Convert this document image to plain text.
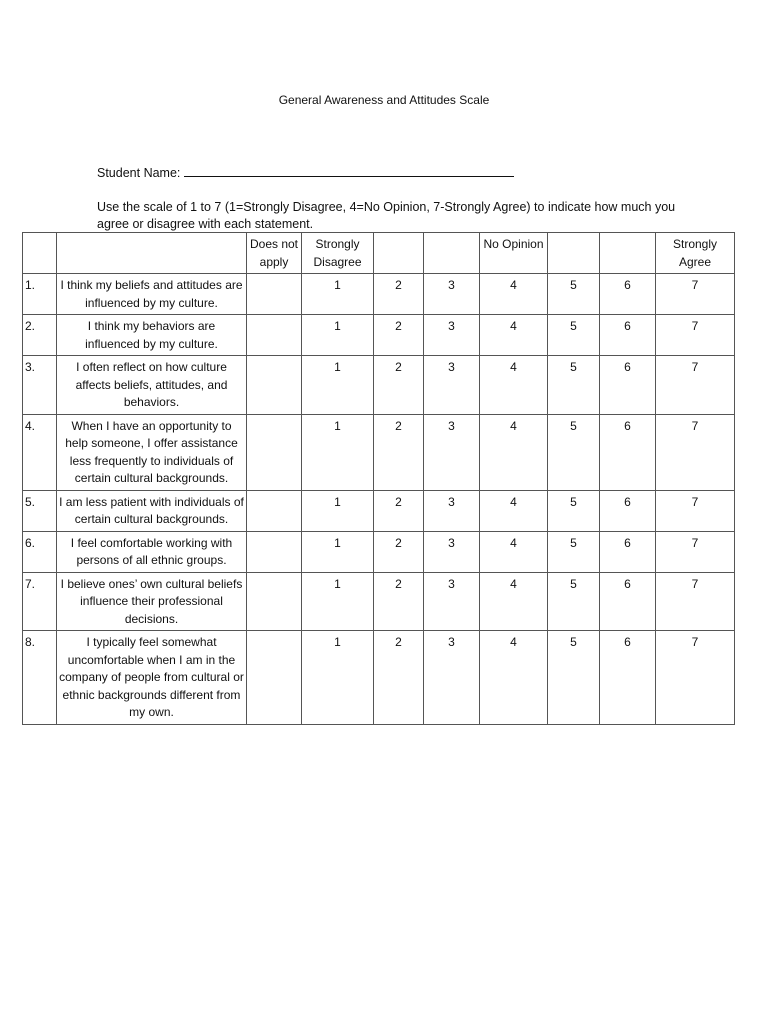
General Awareness and Attitudes Scale
Student Name:
Use the scale of 1 to 7 (1=Strongly Disagree, 4=No Opinion, 7-Strongly Agree) to indicate how much you agree or disagree with each statement.
		Does not apply	Strongly Disagree			No Opinion			Strongly Agree
1.	I think my beliefs and attitudes are influenced by my culture.		1	2	3	4	5	6	7
2.	I think my behaviors are influenced by my culture.		1	2	3	4	5	6	7
3.	I often reflect on how culture affects beliefs, attitudes, and behaviors.		1	2	3	4	5	6	7
4.	When I have an opportunity to help someone, I offer assistance less frequently to individuals of certain cultural backgrounds.		1	2	3	4	5	6	7
5.	I am less patient with individuals of certain cultural backgrounds.		1	2	3	4	5	6	7
6.	I feel comfortable working with persons of all ethnic groups.		1	2	3	4	5	6	7
7.	I believe ones’ own cultural beliefs influence their professional decisions.		1	2	3	4	5	6	7
8.	I typically feel somewhat uncomfortable when I am in the company of people from cultural or ethnic backgrounds different from my own.		1	2	3	4	5	6	7
